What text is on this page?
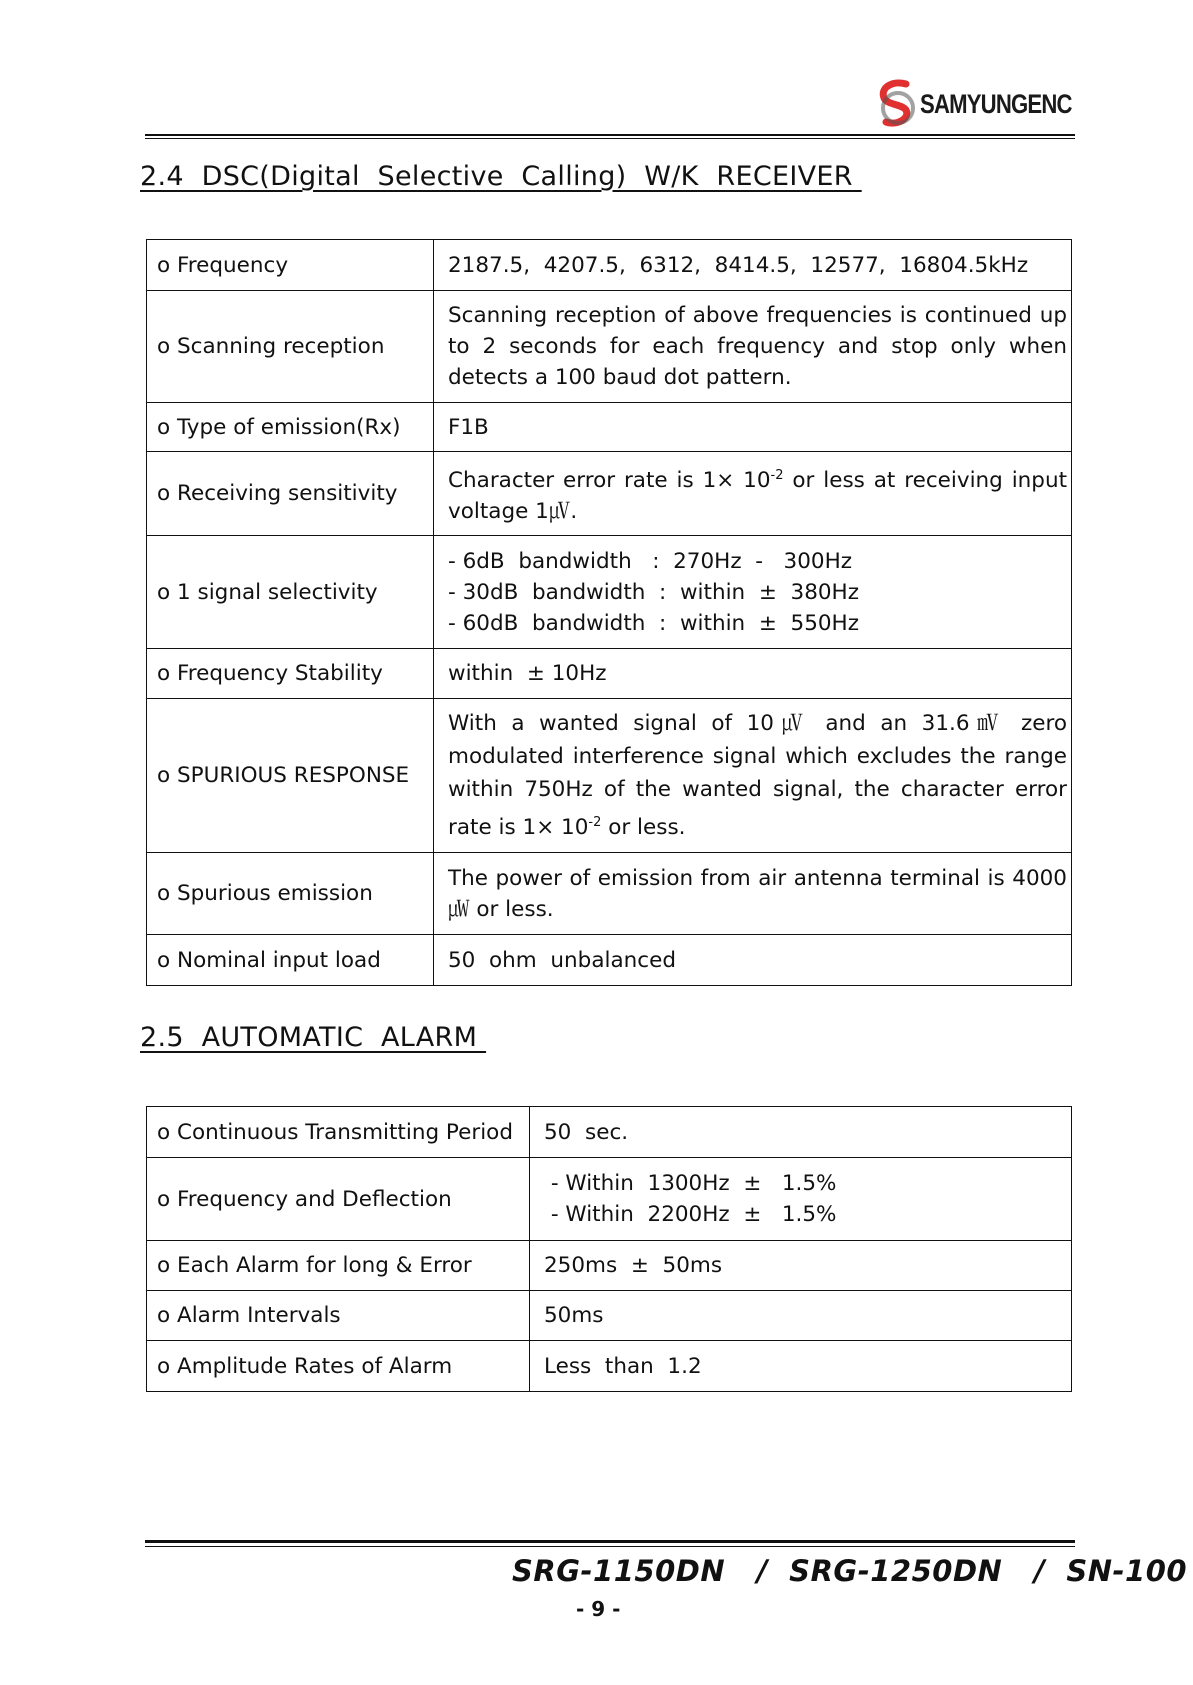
SAMYUNGENC
2.4  DSC(Digital  Selective  Calling)  W/K  RECEIVER
o Frequency	2187.5,  4207.5,  6312,  8414.5,  12577,  16804.5kHz

o Scanning reception	Scanning reception of above frequencies is continued up to 2 seconds for each frequency and stop only when detects a 100 baud dot pattern.
o Type of emission(Rx)	F1B

o Receiving sensitivity	Character error rate is $1\times 10^{-2}$ or less at receiving input voltage 1㎶.
o 1 signal selectivity	- 6dB  bandwidth   :  270Hz  -   300Hz
- 30dB  bandwidth  :  within  ±  380Hz
- 60dB  bandwidth  :  within  ±  550Hz

o Frequency Stability	within  ± 10Hz

o SPURIOUS RESPONSE	With a wanted signal of 10㎶ and an 31.6㎷ zero modulated interference signal which excludes the range within 750Hz of the wanted signal, the character error rate is $1\times 10^{-2}$ or less.
o Spurious emission	The power of emission from air antenna terminal is 4000㎼ or less.
o Nominal input load	50  ohm  unbalanced
2.5  AUTOMATIC  ALARM
o Continuous Transmitting Period	50  sec.

o Frequency and Deflection	- Within  1300Hz  ±   1.5%
- Within  2200Hz  ±   1.5%

o Each Alarm for long & Error	250ms  ±  50ms

o Alarm Intervals	50ms

o Amplitude Rates of Alarm	Less  than  1.2
SRG-1150DN   /  SRG-1250DN   /  SN-100
- 9 -
